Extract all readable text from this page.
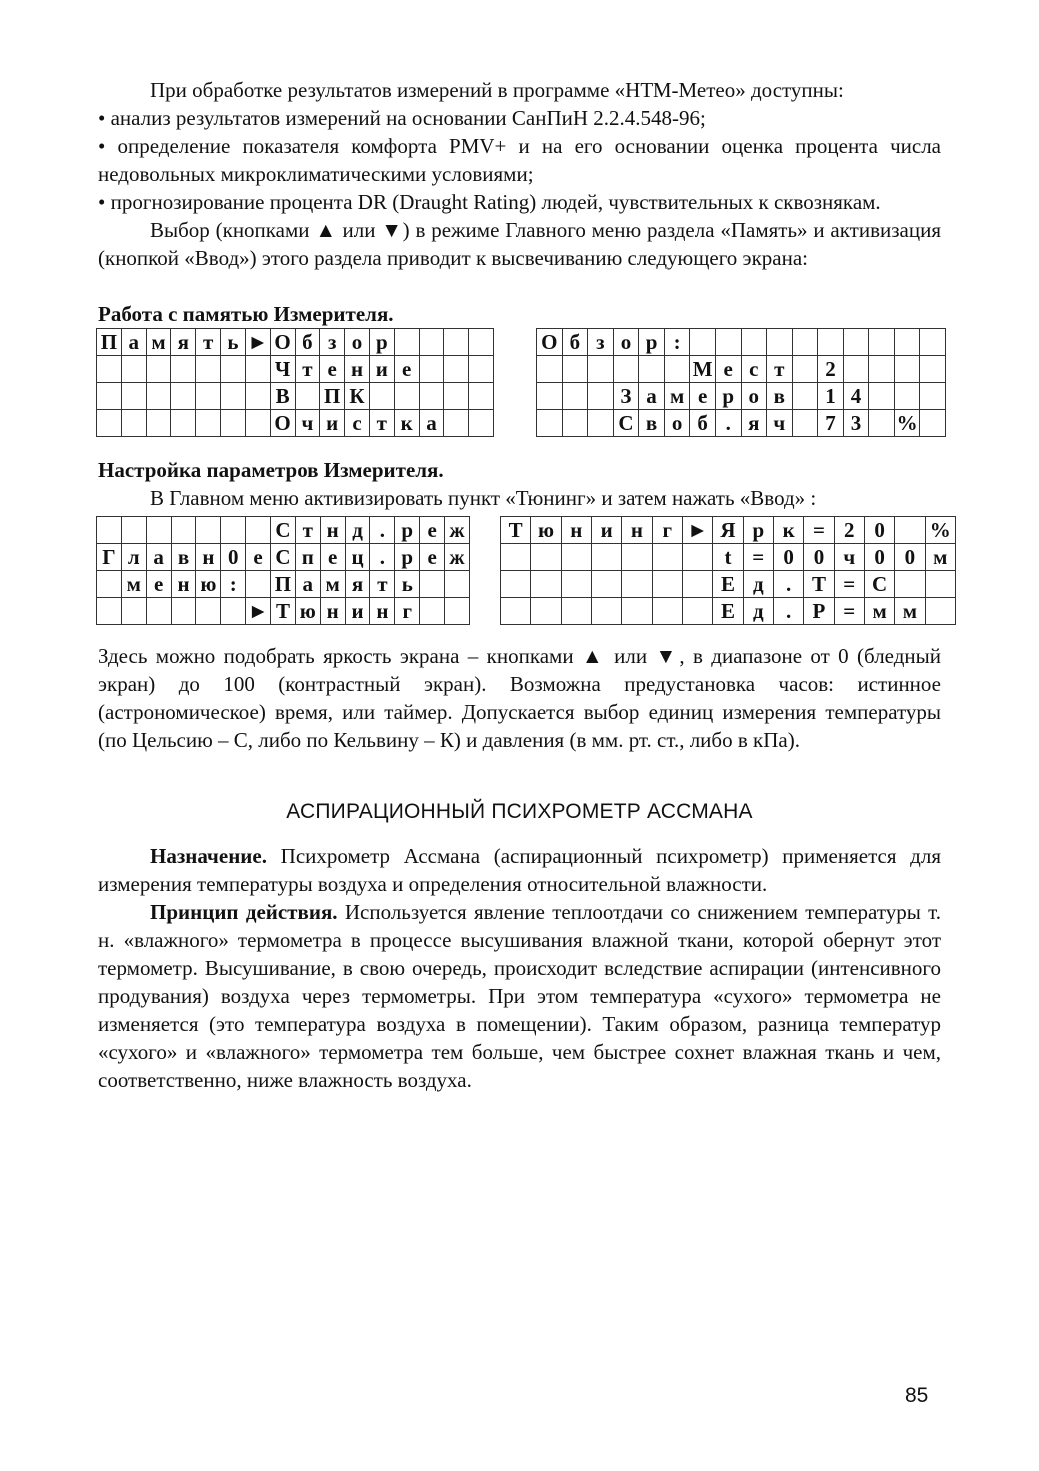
При обработке результатов измерений в программе «НТМ-Метео» доступны:

• анализ результатов измерений на основании СанПиН 2.2.4.548-96;

• определение показателя комфорта PMV+ и на его основании оценка процента числа недовольных микроклиматическими условиями;

• прогнозирование процента DR (Draught Rating) людей, чувствительных к сквознякам.

Выбор (кнопками ▲ или ▼) в режиме Главного меню раздела «Память» и активизация (кнопкой «Ввод») этого раздела приводит к высвечиванию следующего экрана:

Работа с памятью Измерителя.
П	а	м	я	т	ь	►	О	б	з	о	р				
							Ч	т	е	н	и	е			
							В		П	К					
							О	ч	и	с	т	к	а		
О	б	з	о	р	:										
						М	е	с	т		2				
			З	а	м	е	р	о	в		1	4			
			С	в	о	б	.	я	ч		7	3		%	
Настройка параметров Измерителя.

В Главном меню активизировать пункт «Тюнинг» и затем нажать «Ввод» :

							С	т	н	д	.	р	е	ж
Г	л	а	в	н	0	е	С	п	е	ц	.	р	е	ж
	м	е	н	ю	:		П	а	м	я	т	ь		
						►	Т	ю	н	и	н	г		
Т	ю	н	и	н	г	►	Я	р	к	=	2	0		%
							t	=	0	0	ч	0	0	м
							Е	д	.	Т	=	С		
							Е	д	.	Р	=	м	м	

Здесь можно подобрать яркость экрана – кнопками ▲ или ▼, в диапазоне от 0 (бледный экран) до 100 (контрастный экран). Возможна предустановка часов: истинное (астрономическое) время, или таймер. Допускается выбор единиц измерения температуры (по Цельсию – С, либо по Кельвину – К) и давления (в мм. рт. ст., либо в кПа).

АСПИРАЦИОННЫЙ ПСИХРОМЕТР АССМАНА

Назначение. Психрометр Ассмана (аспирационный психрометр) применяется для измерения температуры воздуха и определения относительной влажности.

Принцип действия. Используется явление теплоотдачи со снижением температуры т. н. «влажного» термометра в процессе высушивания влажной ткани, которой обернут этот термометр. Высушивание, в свою очередь, происходит вследствие аспирации (интенсивного продувания) воздуха через термометры. При этом температура «сухого» термометра не изменяется (это температура воздуха в помещении). Таким образом, разница температур «сухого» и «влажного» термометра тем больше, чем быстрее сохнет влажная ткань и чем, соответственно, ниже влажность воздуха.

85
